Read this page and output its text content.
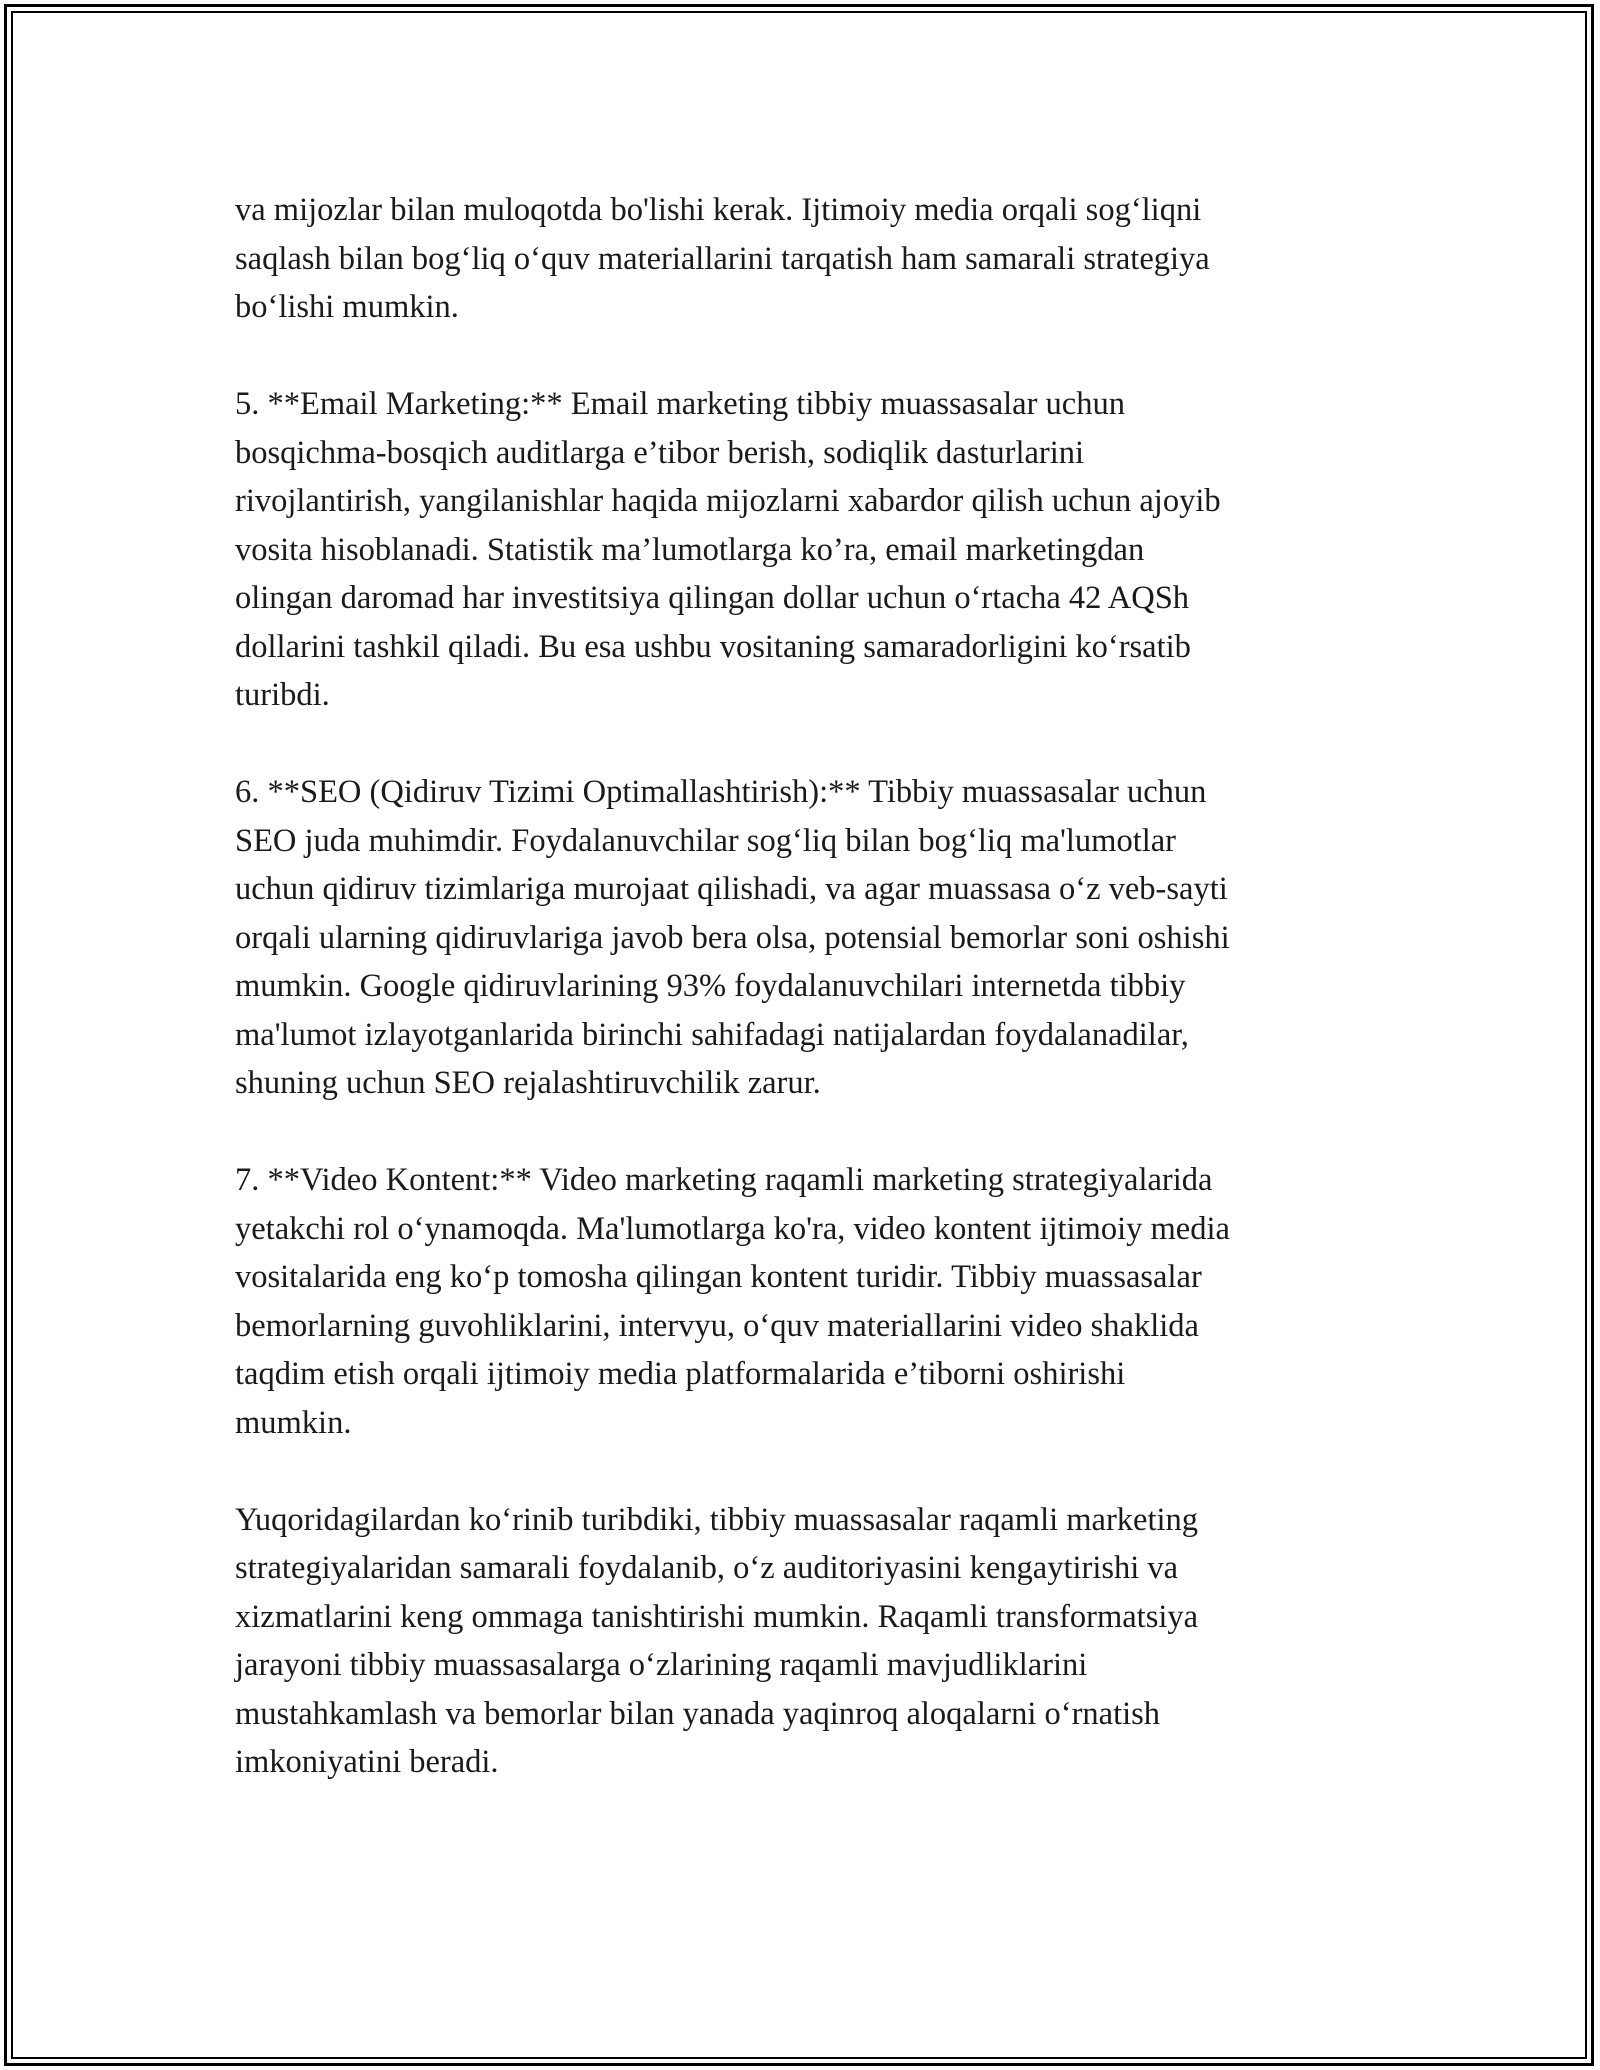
va mijozlar bilan muloqotda bo'lishi kerak. Ijtimoiy media orqali sog‘liqni
saqlash bilan bog‘liq o‘quv materiallarini tarqatish ham samarali strategiya
bo‘lishi mumkin.

5. **Email Marketing:** Email marketing tibbiy muassasalar uchun
bosqichma-bosqich auditlarga e’tibor berish, sodiqlik dasturlarini
rivojlantirish, yangilanishlar haqida mijozlarni xabardor qilish uchun ajoyib
vosita hisoblanadi. Statistik ma’lumotlarga ko’ra, email marketingdan
olingan daromad har investitsiya qilingan dollar uchun o‘rtacha 42 AQSh
dollarini tashkil qiladi. Bu esa ushbu vositaning samaradorligini ko‘rsatib
turibdi.

6. **SEO (Qidiruv Tizimi Optimallashtirish):** Tibbiy muassasalar uchun
SEO juda muhimdir. Foydalanuvchilar sog‘liq bilan bog‘liq ma'lumotlar
uchun qidiruv tizimlariga murojaat qilishadi, va agar muassasa o‘z veb-sayti
orqali ularning qidiruvlariga javob bera olsa, potensial bemorlar soni oshishi
mumkin. Google qidiruvlarining 93% foydalanuvchilari internetda tibbiy
ma'lumot izlayotganlarida birinchi sahifadagi natijalardan foydalanadilar,
shuning uchun SEO rejalashtiruvchilik zarur.

7. **Video Kontent:** Video marketing raqamli marketing strategiyalarida
yetakchi rol o‘ynamoqda. Ma'lumotlarga ko'ra, video kontent ijtimoiy media
vositalarida eng ko‘p tomosha qilingan kontent turidir. Tibbiy muassasalar
bemorlarning guvohliklarini, intervyu, o‘quv materiallarini video shaklida
taqdim etish orqali ijtimoiy media platformalarida e’tiborni oshirishi
mumkin.

Yuqoridagilardan ko‘rinib turibdiki, tibbiy muassasalar raqamli marketing
strategiyalaridan samarali foydalanib, o‘z auditoriyasini kengaytirishi va
xizmatlarini keng ommaga tanishtirishi mumkin. Raqamli transformatsiya
jarayoni tibbiy muassasalarga o‘zlarining raqamli mavjudliklarini
mustahkamlash va bemorlar bilan yanada yaqinroq aloqalarni o‘rnatish
imkoniyatini beradi.
